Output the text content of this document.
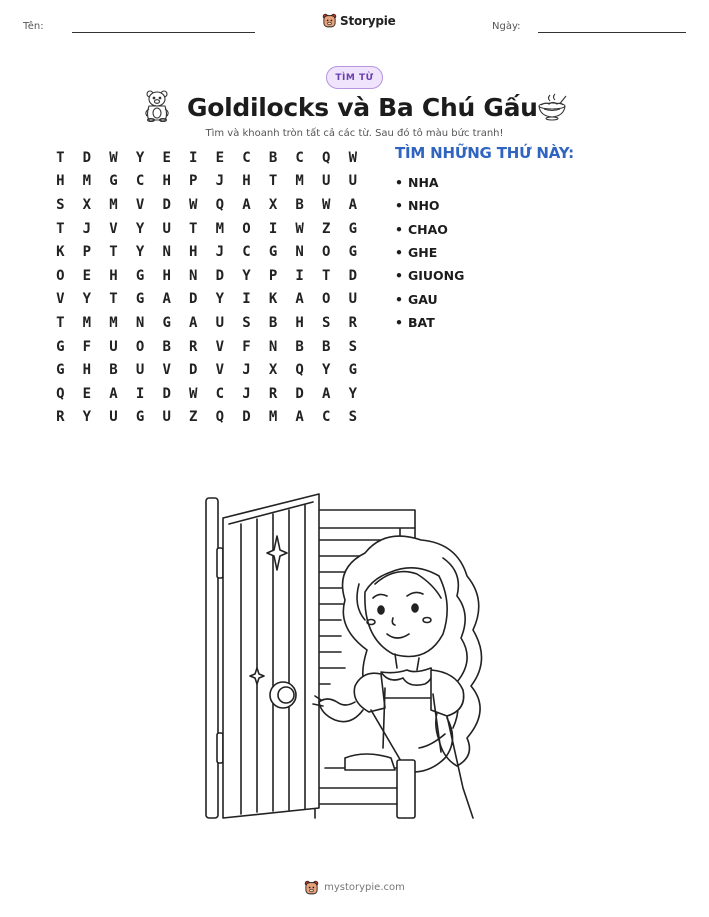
Tên:	Storypie	Ngày:
TÌM TỪ
Goldilocks và Ba Chú Gấu
Tìm và khoanh tròn tất cả các từ. Sau đó tô màu bức tranh!
T	D	W	Y	E	I	E	C	B	C	Q	W
H	M	G	C	H	P	J	H	T	M	U	U
S	X	M	V	D	W	Q	A	X	B	W	A
T	J	V	Y	U	T	M	O	I	W	Z	G
K	P	T	Y	N	H	J	C	G	N	O	G
O	E	H	G	H	N	D	Y	P	I	T	D
V	Y	T	G	A	D	Y	I	K	A	O	U
T	M	M	N	G	A	U	S	B	H	S	R
G	F	U	O	B	R	V	F	N	B	B	S
G	H	B	U	V	D	V	J	X	Q	Y	G
Q	E	A	I	D	W	C	J	R	D	A	Y
R	Y	U	G	U	Z	Q	D	M	A	C	S
TÌM NHỮNG THỨ NÀY:
• NHA
• NHO
• CHAO
• GHE
• GIUONG
• GAU
• BAT
mystorypie.com
